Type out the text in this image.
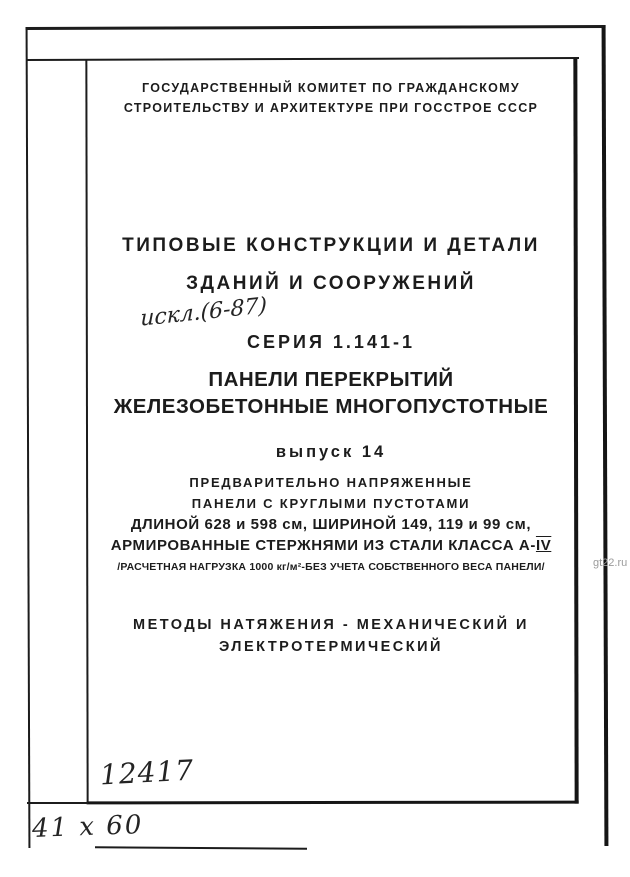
ГОСУДАРСТВЕННЫЙ КОМИТЕТ ПО ГРАЖДАНСКОМУ
СТРОИТЕЛЬСТВУ И АРХИТЕКТУРЕ ПРИ ГОССТРОЕ СССР
ТИПОВЫЕ КОНСТРУКЦИИ И ДЕТАЛИ
ЗДАНИЙ И СООРУЖЕНИЙ
СЕРИЯ 1.141-1
ПАНЕЛИ ПЕРЕКРЫТИЙ
ЖЕЛЕЗОБЕТОННЫЕ МНОГОПУСТОТНЫЕ
выпуск 14
ПРЕДВАРИТЕЛЬНО НАПРЯЖЕННЫЕ
ПАНЕЛИ С КРУГЛЫМИ ПУСТОТАМИ
ДЛИНОЙ 628 и 598 см, ШИРИНОЙ 149, 119 и 99 см,
АРМИРОВАННЫЕ СТЕРЖНЯМИ ИЗ СТАЛИ КЛАССА А-IV
/РАСЧЕТНАЯ НАГРУЗКА 1000 кг/м²-БЕЗ УЧЕТА СОБСТВЕННОГО ВЕСА ПАНЕЛИ/
МЕТОДЫ НАТЯЖЕНИЯ - МЕХАНИЧЕСКИЙ И
ЭЛЕКТРОТЕРМИЧЕСКИЙ
искл.(6-87)
12417
41 х 60
gt22.ru
